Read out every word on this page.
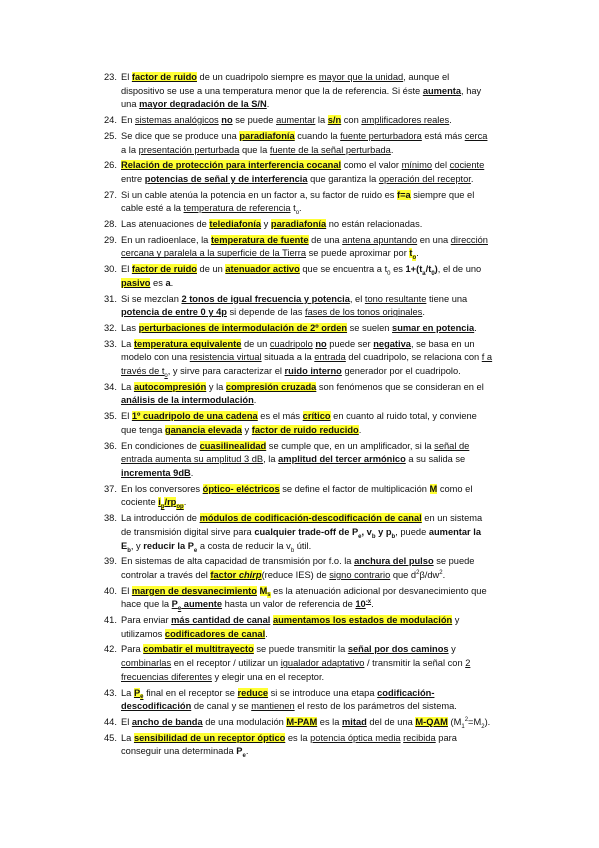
23. El factor de ruido de un cuadripolo siempre es mayor que la unidad, aunque el dispositivo se use a una temperatura menor que la de referencia. Si éste aumenta, hay una mayor degradación de la S/N.
24. En sistemas analógicos no se puede aumentar la s/n con amplificadores reales.
25. Se dice que se produce una paradiafonía cuando la fuente perturbadora está más cerca a la presentación perturbada que la fuente de la señal perturbada.
26. Relación de protección para interferencia cocanal como el valor mínimo del cociente entre potencias de señal y de interferencia que garantiza la operación del receptor.
27. Si un cable atenúa la potencia en un factor a, su factor de ruido es f=a siempre que el cable esté a la temperatura de referencia $t_o$.
28. Las atenuaciones de telediafonía y paradiafonía no están relacionadas.
29. En un radioenlace, la temperatura de fuente de una antena apuntando en una dirección cercana y paralela a la superficie de la Tierra se puede aproximar por $t_o$.
30. El factor de ruido de un atenuador activo que se encuentra a $t_0$ es $1+(t_a/t_0)$, el de uno pasivo es a.
31. Si se mezclan 2 tonos de igual frecuencia y potencia, el tono resultante tiene una potencia de entre 0 y 4p si depende de las fases de los tonos originales.
32. Las perturbaciones de intermodulación de 2º orden se suelen sumar en potencia.
33. La temperatura equivalente de un cuadripolo no puede ser negativa, se basa en un modelo con una resistencia virtual situada a la entrada del cuadripolo, se relaciona con f a través de $t_o$, y sirve para caracterizar el ruido interno generador por el cuadripolo.
34. La autocompresión y la compresión cruzada son fenómenos que se consideran en el análisis de la intermodulación.
35. El 1º cuadripolo de una cadena es el más crítico en cuanto al ruido total, y conviene que tenga ganancia elevada y factor de ruido reducido.
36. En condiciones de cuasilinealidad se cumple que, en un amplificador, si la señal de entrada aumenta su amplitud 3 dB, la amplitud del tercer armónico a su salida se incrementa 9dB.
37. En los conversores óptico- eléctricos se define el factor de multiplicación M como el cociente $i_p/rp_{op}$.
38. La introducción de módulos de codificación-descodificación de canal en un sistema de transmisión digital sirve para cualquier trade-off de $P_e$, $v_b$ y $p_b$, puede aumentar la $E_b$, y reducir la $P_e$ a costa de reducir la $v_b$ útil.
39. En sistemas de alta capacidad de transmisión por f.o. la anchura del pulso se puede controlar a través del factor chirp(reduce IES) de signo contrario que $d^2\beta/dw^2$.
40. El margen de desvanecimiento $M_s$ es la atenuación adicional por desvanecimiento que hace que la $P_e$ aumente hasta un valor de referencia de $10^{-x}$.
41. Para enviar más cantidad de canal aumentamos los estados de modulación y utilizamos codificadores de canal.
42. Para combatir el multitrayecto se puede transmitir la señal por dos caminos y combinarlas en el receptor / utilizar un igualador adaptativo / transmitir la señal con 2 frecuencias diferentes y elegir una en el receptor.
43. La $P_e$ final en el receptor se reduce si se introduce una etapa codificación-descodificación de canal y se mantienen el resto de los parámetros del sistema.
44. El ancho de banda de una modulación M-PAM es la mitad del de una M-QAM $(M_1^2=M_2)$.
45. La sensibilidad de un receptor óptico es la potencia óptica media recibida para conseguir una determinada $P_e$.
